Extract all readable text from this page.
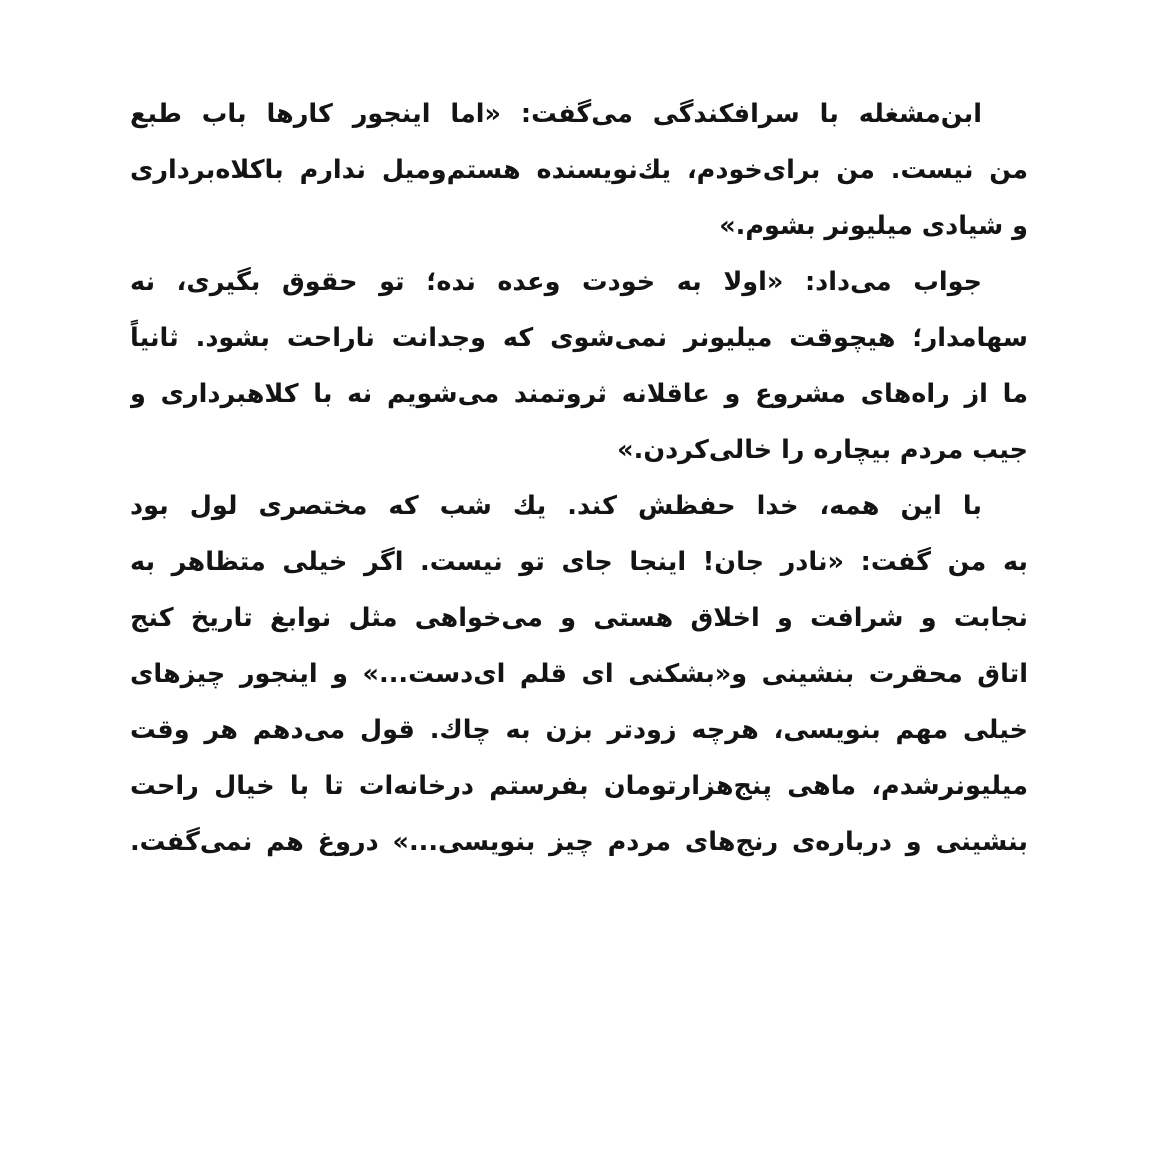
ابن‌مشغله با سرافکندگی می‌گفت: «اما اینجور کارها باب طبع
من نیست. من برای‌خودم، یك‌نویسنده هستم‌ومیل ندارم باکلاه‌برداری
و شیادی میلیونر بشوم.»
جواب می‌داد: «اولا به خودت وعده نده؛ تو حقوق بگیری، نه
سهامدار؛ هیچوقت میلیونر نمی‌شوی که وجدانت ناراحت بشود. ثانیاً
ما از راه‌های مشروع و عاقلانه ثروتمند می‌شویم نه با کلاهبرداری و
جیب مردم بیچاره را خالی‌کردن.»
با این همه، خدا حفظش کند. یك شب که مختصری لول بود
به من گفت: «نادر جان! اینجا جای تو نیست. اگر خیلی متظاهر به
نجابت و شرافت و اخلاق هستی و می‌خواهی مثل نوابغ تاریخ کنج
اتاق محقرت بنشینی و«بشکنی ای قلم ای‌دست...» و اینجور چیزهای
خیلی مهم بنویسی، هرچه زودتر بزن به چاك. قول می‌دهم هر وقت
میلیونرشدم، ماهی پنج‌هزارتومان بفرستم درخانه‌ات تا با خیال راحت
بنشینی و درباره‌ی رنج‌های مردم چیز بنویسی...» دروغ هم نمی‌گفت.
